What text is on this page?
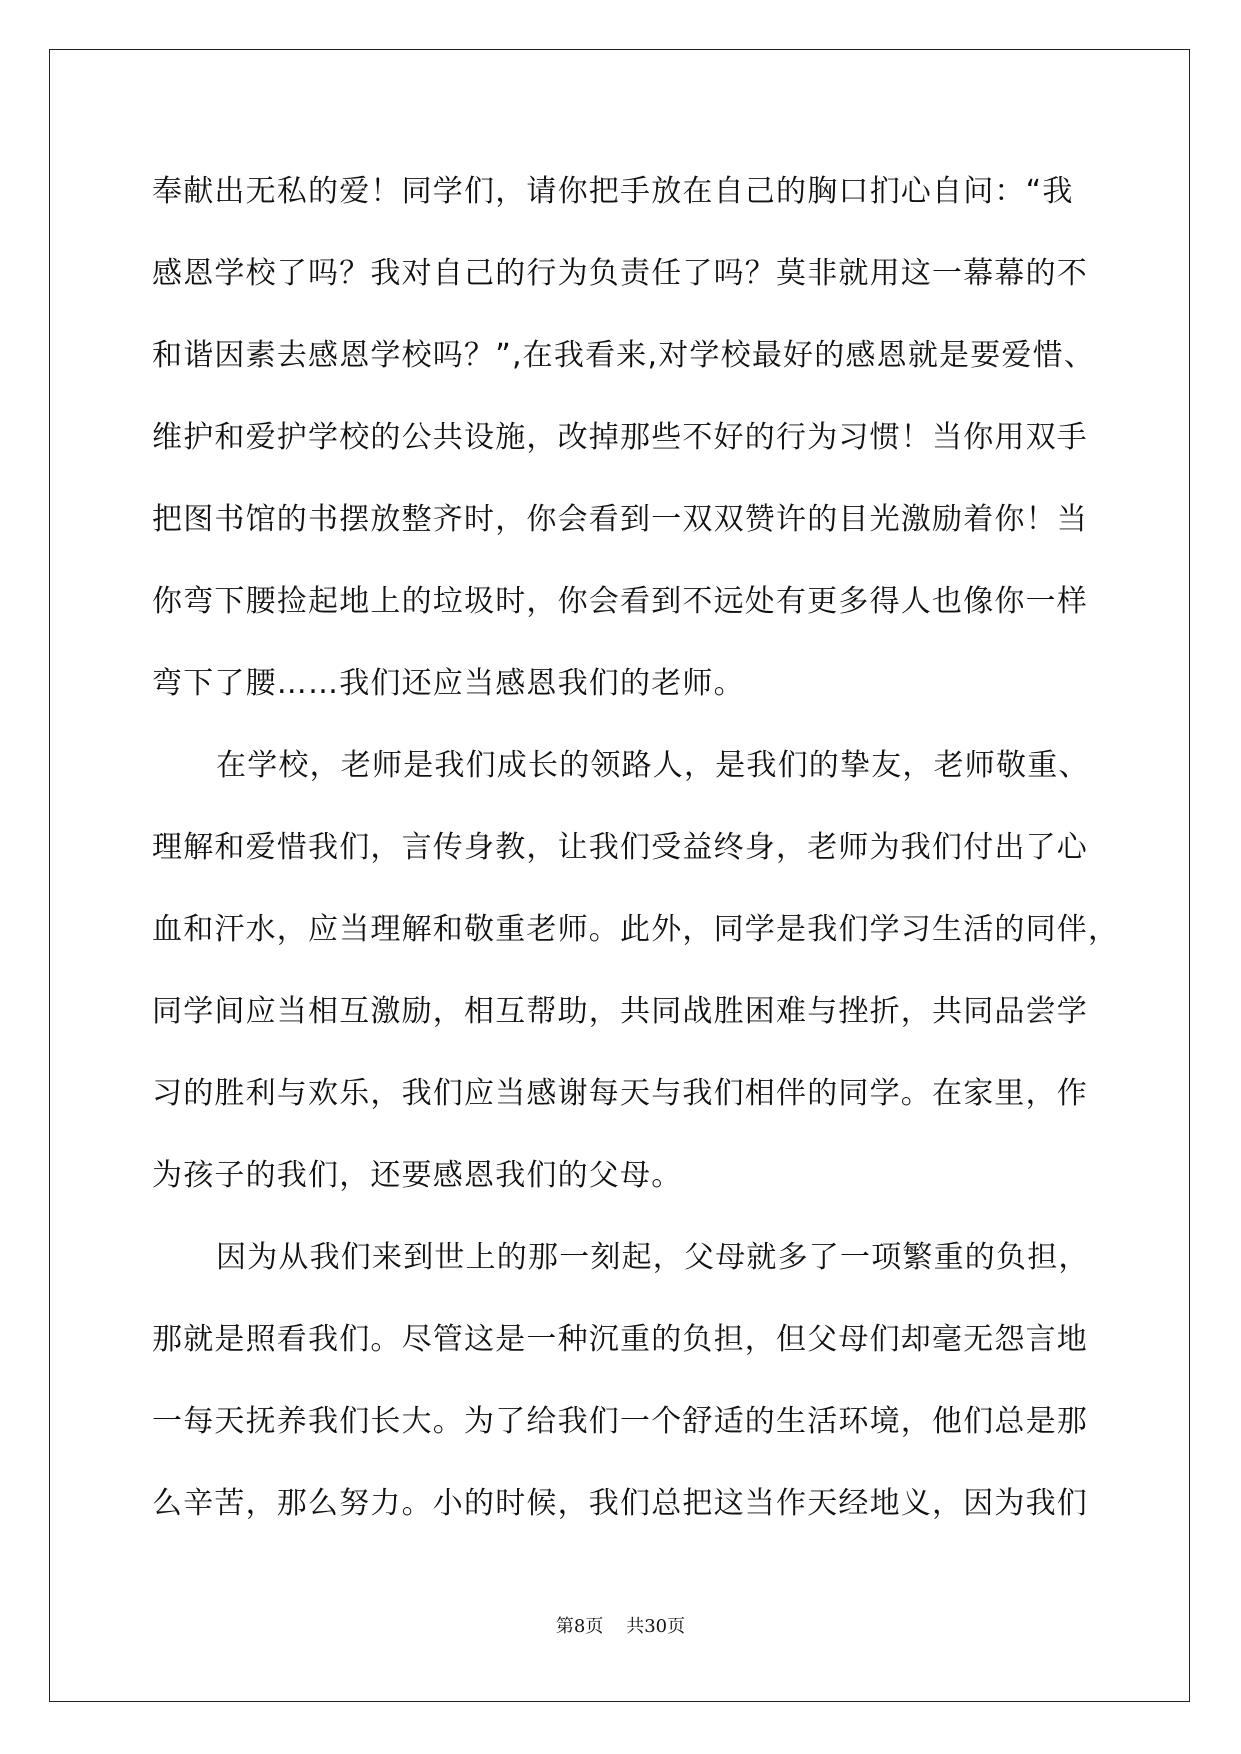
奉献出无私的爱！同学们，请你把手放在自己的胸口扪心自问：“我
感恩学校了吗？我对自己的行为负责任了吗？莫非就用这一幕幕的不
和谐因素去感恩学校吗？”,在我看来,对学校最好的感恩就是要爱惜、
维护和爱护学校的公共设施，改掉那些不好的行为习惯！当你用双手
把图书馆的书摆放整齐时，你会看到一双双赞许的目光激励着你！当
你弯下腰捡起地上的垃圾时，你会看到不远处有更多得人也像你一样
弯下了腰……我们还应当感恩我们的老师。
在学校，老师是我们成长的领路人，是我们的挚友，老师敬重、
理解和爱惜我们，言传身教，让我们受益终身，老师为我们付出了心
血和汗水，应当理解和敬重老师。此外，同学是我们学习生活的同伴，
同学间应当相互激励，相互帮助，共同战胜困难与挫折，共同品尝学
习的胜利与欢乐，我们应当感谢每天与我们相伴的同学。在家里，作
为孩子的我们，还要感恩我们的父母。
因为从我们来到世上的那一刻起，父母就多了一项繁重的负担，
那就是照看我们。尽管这是一种沉重的负担，但父母们却毫无怨言地
一每天抚养我们长大。为了给我们一个舒适的生活环境，他们总是那
么辛苦，那么努力。小的时候，我们总把这当作天经地义，因为我们
第8页 共30页
